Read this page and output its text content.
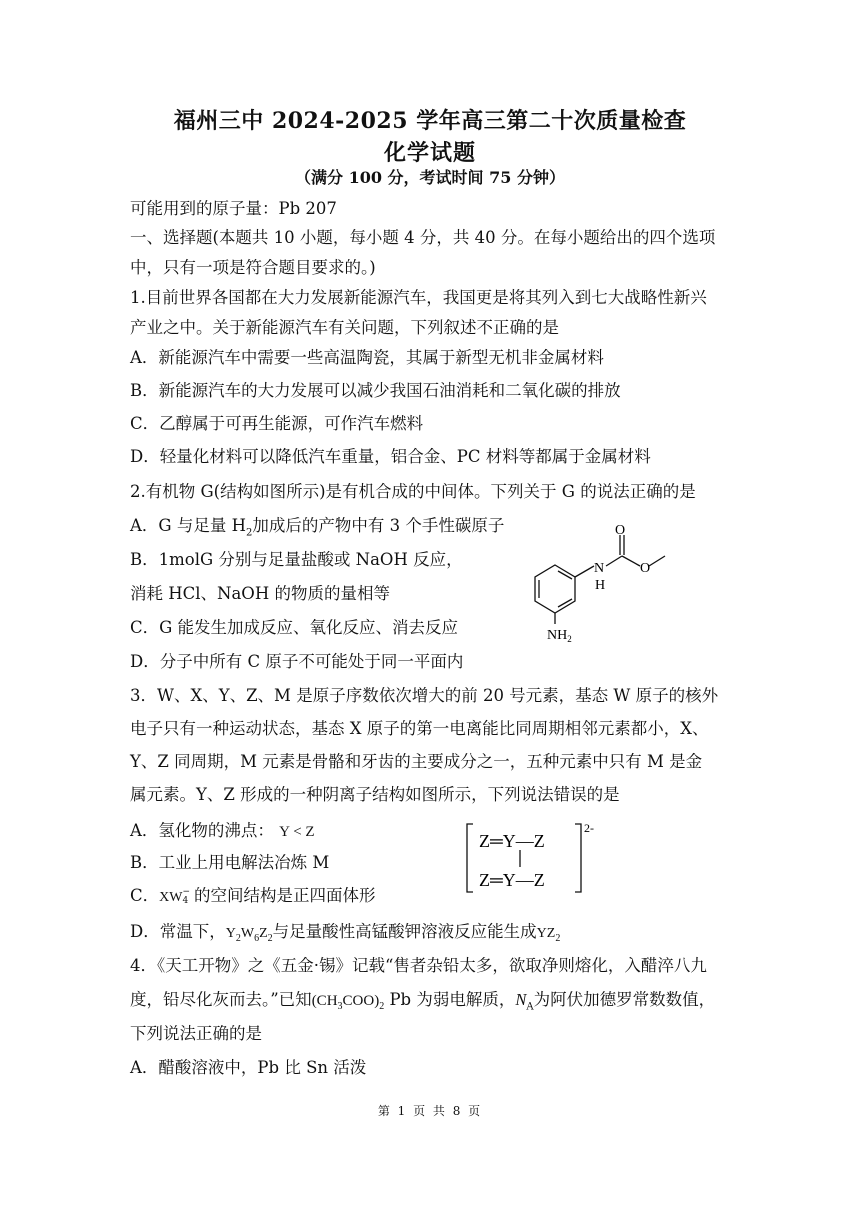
福州三中 2024-2025 学年高三第二十次质量检查
化学试题
（满分 100 分，考试时间 75 分钟）
可能用到的原子量：Pb 207
一、选择题(本题共 10 小题，每小题 4 分，共 40 分。在每小题给出的四个选项
中，只有一项是符合题目要求的。)
1.目前世界各国都在大力发展新能源汽车，我国更是将其列入到七大战略性新兴
产业之中。关于新能源汽车有关问题，下列叙述不正确的是
A．新能源汽车中需要一些高温陶瓷，其属于新型无机非金属材料
B．新能源汽车的大力发展可以减少我国石油消耗和二氧化碳的排放
C．乙醇属于可再生能源，可作汽车燃料
D．轻量化材料可以降低汽车重量，铝合金、PC 材料等都属于金属材料
2.有机物 G(结构如图所示)是有机合成的中间体。下列关于 G 的说法正确的是
A．G 与足量 $H_2$加成后的产物中有 3 个手性碳原子
B．1molG 分别与足量盐酸或 NaOH 反应，
消耗 HCl、NaOH 的物质的量相等
C．G 能发生加成反应、氧化反应、消去反应
D．分子中所有 C 原子不可能处于同一平面内
O
N
H
O
$NH_2$
3．W、X、Y、Z、M 是原子序数依次增大的前 20 号元素，基态 W 原子的核外
电子只有一种运动状态，基态 X 原子的第一电离能比同周期相邻元素都小，X、
Y、Z 同周期，M 元素是骨骼和牙齿的主要成分之一，五种元素中只有 M 是金
属元素。Y、Z 形成的一种阴离子结构如图所示，下列说法错误的是
A．氢化物的沸点： Y < Z
B．工业上用电解法冶炼 M
C．XW −
4 的空间结构是正四面体形
D．常温下，$Y_2W_6Z_2$与足量酸性高锰酸钾溶液反应能生成$YZ_2$
Z═Y—Z
Z═Y—Z
2-
4．《天工开物》之《五金·锡》记载“售者杂铅太多，欲取净则熔化，入醋淬八九
度，铅尽化灰而去。”已知$(CH_3COO)_2$ Pb 为弱电解质，$N_A$为阿伏加德罗常数数值，
下列说法正确的是
A．醋酸溶液中，Pb 比 Sn 活泼
第 1 页 共 8 页
